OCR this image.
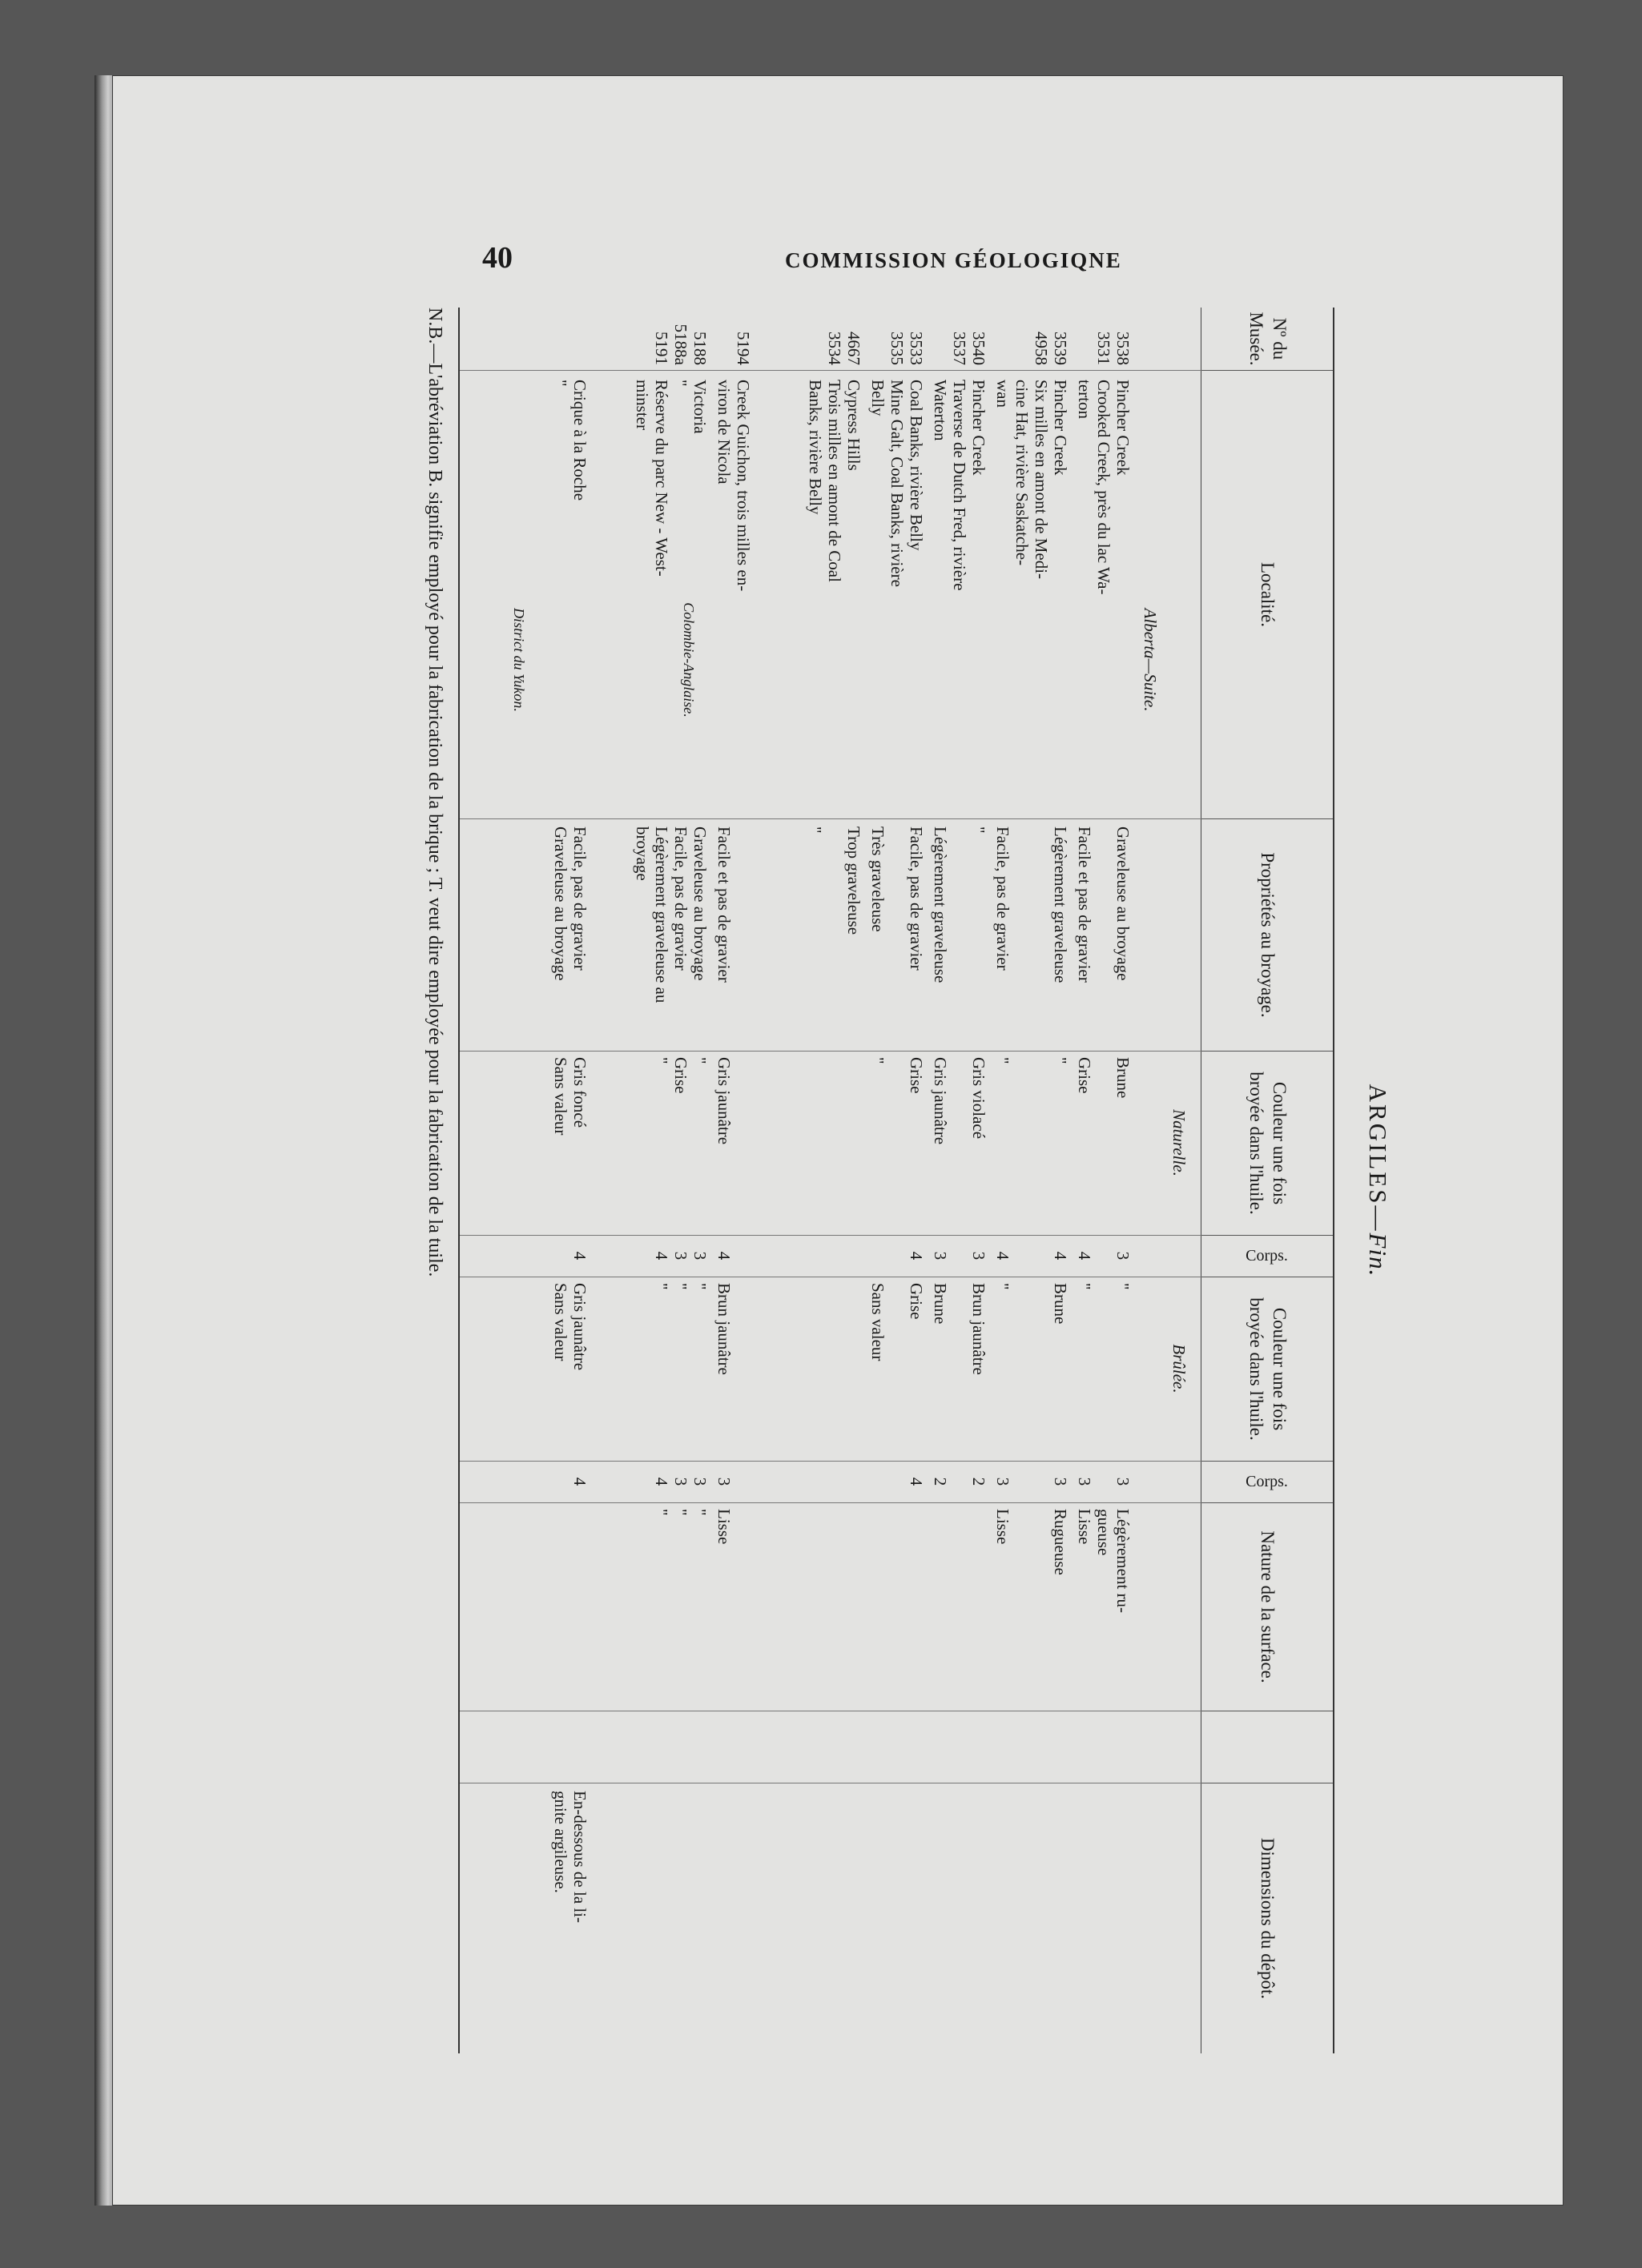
40	COMMISSION GÉOLOGIQNE
ARGILES—Fin.
Nº du Musée.
Localité.
Propriétés au broyage.
Couleur une fois broyée dans l'huile.
Corps.
Couleur une fois broyée dans l'huile.
Corps.
Nature de la surface.
Dimensions du dépôt.
Naturelle.
Brûlée.
Alberta—Suite.
Colombie-Anglaise.
District du Yukon.
3538
Pincher Creek
Graveleuse au broyage
Brune
3
"
3
Légèrement ru-
3531
Crooked Creek, près du lac Wa-
gueuse
terton
Facile et pas de gravier
Grise
4
"
3
Lisse
3539
Pincher Creek
Légèrement graveleuse
"
4
Brune
3
Rugueuse
4958
Six milles en amont de Medi-
cine Hat, rivière Saskatche-
wan
Facile, pas de gravier
"
4
"
3
Lisse
3540
Pincher Creek
"
Gris violacé
3
Brun jaunâtre
2
3537
Traverse de Dutch Fred, rivière
Waterton
Légèrement graveleuse
Gris jaunâtre
3
Brune
2
3533
Coal Banks, rivière Belly
Facile, pas de gravier
Grise
4
Grise
4
3535
Mine Galt, Coal Banks, rivière
Belly
Très graveleuse
"
Sans valeur
4667
Cypress Hills
Trop graveleuse
3534
Trois milles en amont de Coal
Banks, rivière Belly
"
5194
Creek Guichon, trois milles en-
viron de Nicola
Facile et pas de gravier
Gris jaunâtre
4
Brun jaunâtre
3
Lisse
5188
Victoria
Graveleuse au broyage
"
3
"
3
"
5188a
"
Facile, pas de gravier
Grise
3
"
3
"
5191
Réserve du parc New - West-
Légèrement graveleuse au
"
4
"
4
"
minster
broyage
Crique à la Roche
Facile, pas de gravier
Gris foncé
4
Gris jaunâtre
4
En-dessous de la li-
"
Graveleuse au broyage
Sans valeur
Sans valeur
gnite argileuse.
N.B.—L'abréviation B. signifie employé pour la fabrication de la brique ; T. veut dire employée pour la fabrication de la tuile.
